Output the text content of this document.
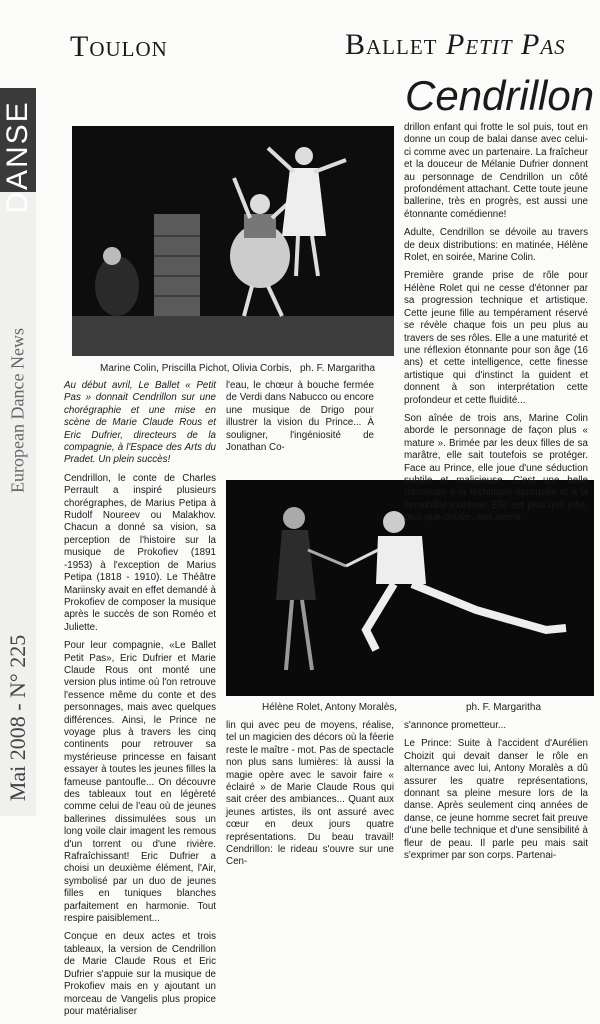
DANSE
European Dance News
Mai 2008 - N° 225
Toulon	Ballet Petit Pas
Cendrillon
Marine Colin, Priscilla Pichot, Olivia Corbis, ph. F. Margaritha
Hélène Rolet, Antony Moralès,	ph. F. Margaritha

Au début avril, Le Ballet « Petit Pas » donnait Cendrillon sur une chorégraphie et une mise en scène de Marie Claude Rous et Eric Dufrier, directeurs de la compagnie, à l'Espace des Arts du Pradet. Un plein succès!

Cendrillon, le conte de Charles Perrault a inspiré plusieurs chorégraphes, de Marius Petipa à Rudolf Noureev ou Malakhov. Chacun a donné sa vision, sa perception de l'histoire sur la musique de Prokofiev (1891 -1953) à l'exception de Marius Petipa (1818 - 1910). Le Théâtre Mariinsky avait en effet demandé à Prokofiev de composer la musique après le succès de son Roméo et Juliette.

Pour leur compagnie, «Le Ballet Petit Pas», Eric Dufrier et Marie Claude Rous ont monté une version plus intime où l'on retrouve l'essence même du conte et des personnages, mais avec quelques différences. Ainsi, le Prince ne voyage plus à travers les cinq continents pour retrouver sa mystérieuse princesse en faisant essayer à toutes les jeunes filles la fameuse pantoufle... On découvre des tableaux tout en légèreté comme celui de l'eau où de jeunes ballerines dissimulées sous un long voile clair imagent les remous d'un torrent ou d'une rivière. Rafraîchissant! Eric Dufrier a choisi un deuxième élément, l'Air, symbolisé par un duo de jeunes filles en tuniques blanches parfaitement en harmonie. Tout respire paisiblement...

Conçue en deux actes et trois tableaux, la version de Cendrillon de Marie Claude Rous et Eric Dufrier s'appuie sur la musique de Prokofiev mais en y ajoutant un morceau de Vangelis plus propice pour matérialiser

l'eau, le chœur à bouche fermée de Verdi dans Nabucco ou encore une musique de Drigo pour illustrer la vision du Prince... À souligner, l'ingéniosité de Jonathan Co-

lin qui avec peu de moyens, réalise, tel un magicien des décors où la féerie reste le maître - mot. Pas de spectacle non plus sans lumières: là aussi la magie opère avec le savoir faire « éclairé » de Marie Claude Rous qui sait créer des ambiances... Quant aux jeunes artistes, ils ont assuré avec cœur en deux jours quatre représentations. Du beau travail! Cendrillon: le rideau s'ouvre sur une Cen-

drillon enfant qui frotte le sol puis, tout en donne un coup de balai danse avec celui-ci comme avec un partenaire. La fraîcheur et la douceur de Mélanie Dufrier donnent au personnage de Cendrillon un côté profondément attachant. Cette toute jeune ballerine, très en progrès, est aussi une étonnante comédienne!

Adulte, Cendrillon se dévoile au travers de deux distributions: en matinée, Hélène Rolet, en soirée, Marine Colin.

Première grande prise de rôle pour Hélène Rolet qui ne cesse d'étonner par sa progression technique et artistique. Cette jeune fille au tempérament réservé se révèle chaque fois un peu plus au travers de ses rôles. Elle a une maturité et une réflexion étonnante pour son âge (16 ans) et cette intelligence, cette finesse artistique qui d'instinct la guident et donnent à son interprétation cette profondeur et cette fluidité...

Son aînée de trois ans, Marine Colin aborde le personnage de façon plus « mature ». Brimée par les deux filles de sa marâtre, elle sait toutefois se protéger. Face au Prince, elle joue d'une séduction subtile et malicieuse. C'est une belle danseuse à la technique éprouvée et à la sensibilité extrême. Elle est plus que jolie, plus que douée, son avenir

s'annonce prometteur...

Le Prince: Suite à l'accident d'Aurélien Choizit qui devait danser le rôle en alternance avec lui, Antony Moralès a dû assurer les quatre représentations, donnant sa pleine mesure lors de la danse. Après seulement cinq années de danse, ce jeune homme secret fait preuve d'une belle technique et d'une sensibilité à fleur de peau. Il parle peu mais sait s'exprimer par son corps. Partenai-
